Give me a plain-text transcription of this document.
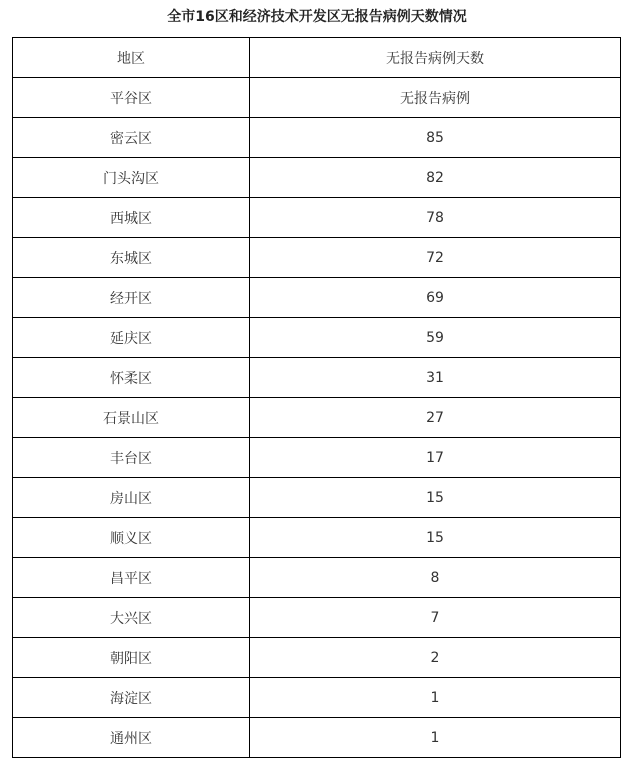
全市16区和经济技术开发区无报告病例天数情况
地区	无报告病例天数
平谷区	无报告病例
密云区	85
门头沟区	82
西城区	78
东城区	72
经开区	69
延庆区	59
怀柔区	31
石景山区	27
丰台区	17
房山区	15
顺义区	15
昌平区	8
大兴区	7
朝阳区	2
海淀区	1
通州区	1
